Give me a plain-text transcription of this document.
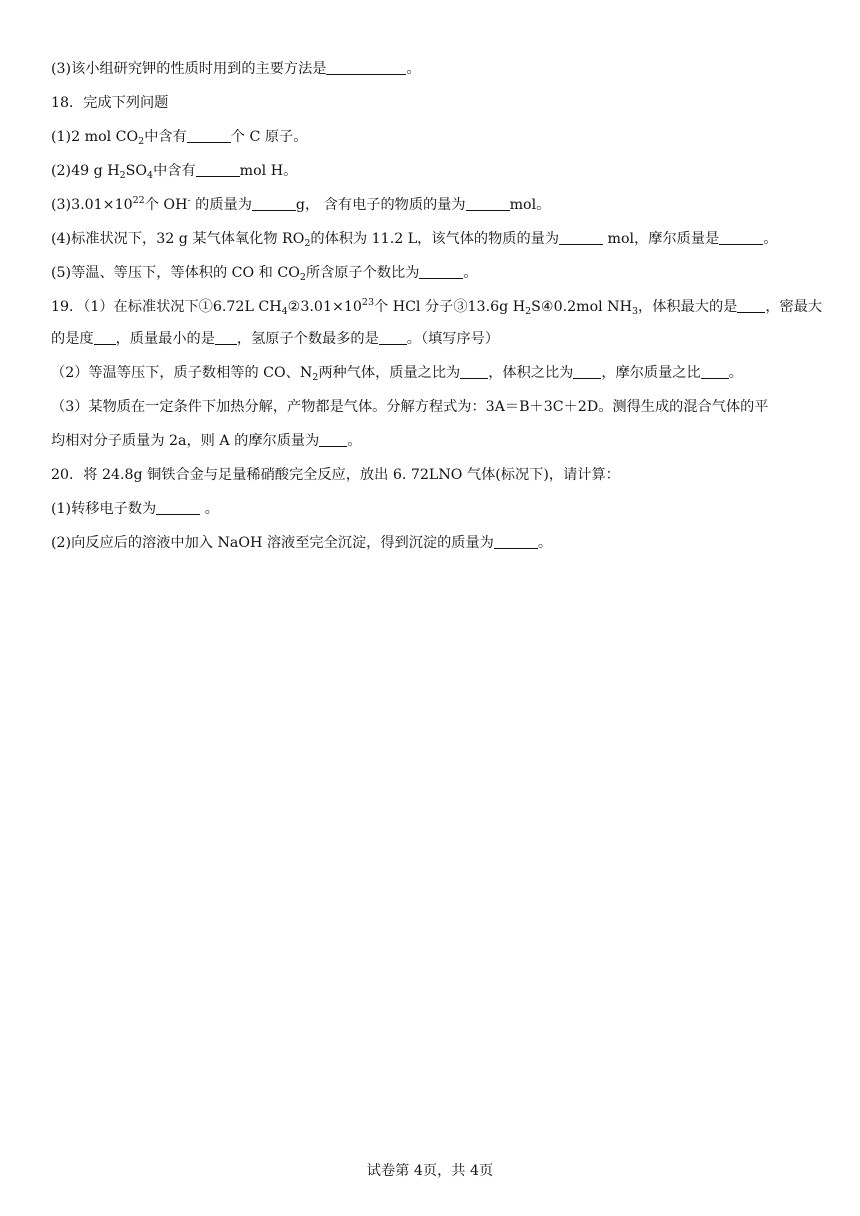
(3)该小组研究钾的性质时用到的主要方法是	。
18．完成下列问题
(1)2 mol $CO_2$中含有	个 C 原子。
(2)49 g $H_2SO_4$中含有	mol H。
$(3)3.01\times 10^{22}$个 OH- 的质量为	g， 含有电子的物质的量为	mol。
(4)标准状况下，32 g 某气体氧化物 $RO_2$的体积为 11.2 L，该气体的物质的量为	mol，摩尔质量是	。
(5)等温、等压下，等体积的 CO 和 $CO_2$所含原子个数比为	。
19．（1）在标准状况下①6.72L $CH_4②3.01\times 10^{23}$个 HCl 分子③13.6g $H_2S④0.2mol$ $NH_3$，体积最大的是 ，密最大
的是度 ，质量最小的是 ，氢原子个数最多的是 。（填写序号）
（2）等温等压下，质子数相等的 CO、$N_2$两种气体，质量之比为 ，体积之比为 ，摩尔质量之比 。
（3）某物质在一定条件下加热分解，产物都是气体。分解方程式为：3A＝B＋3C＋2D。测得生成的混合气体的平
均相对分子质量为 2a，则 A 的摩尔质量为 。
20．将 24.8g 铜铁合金与足量稀硝酸完全反应，放出 6. 72LNO 气体(标况下)，请计算：
(1)转移电子数为	。
(2)向反应后的溶液中加入 NaOH 溶液至完全沉淀，得到沉淀的质量为	。
试卷第 4页，共 4页
